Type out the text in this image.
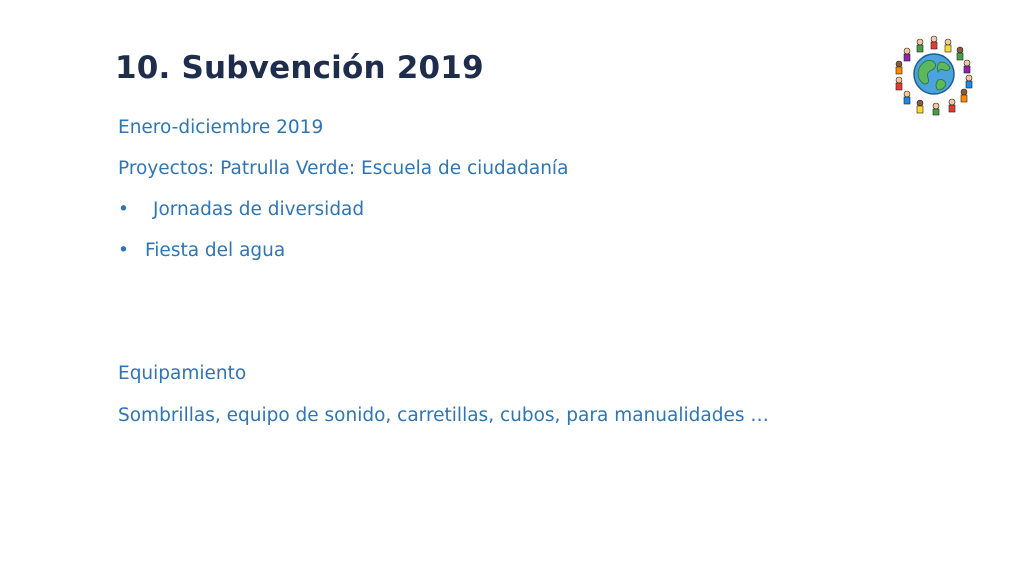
10. Subvención 2019
Enero-diciembre 2019
Proyectos: Patrulla Verde: Escuela de ciudadanía
• Jornadas de diversidad
• Fiesta del agua
Equipamiento
Sombrillas, equipo de sonido, carretillas, cubos, para manualidades …
